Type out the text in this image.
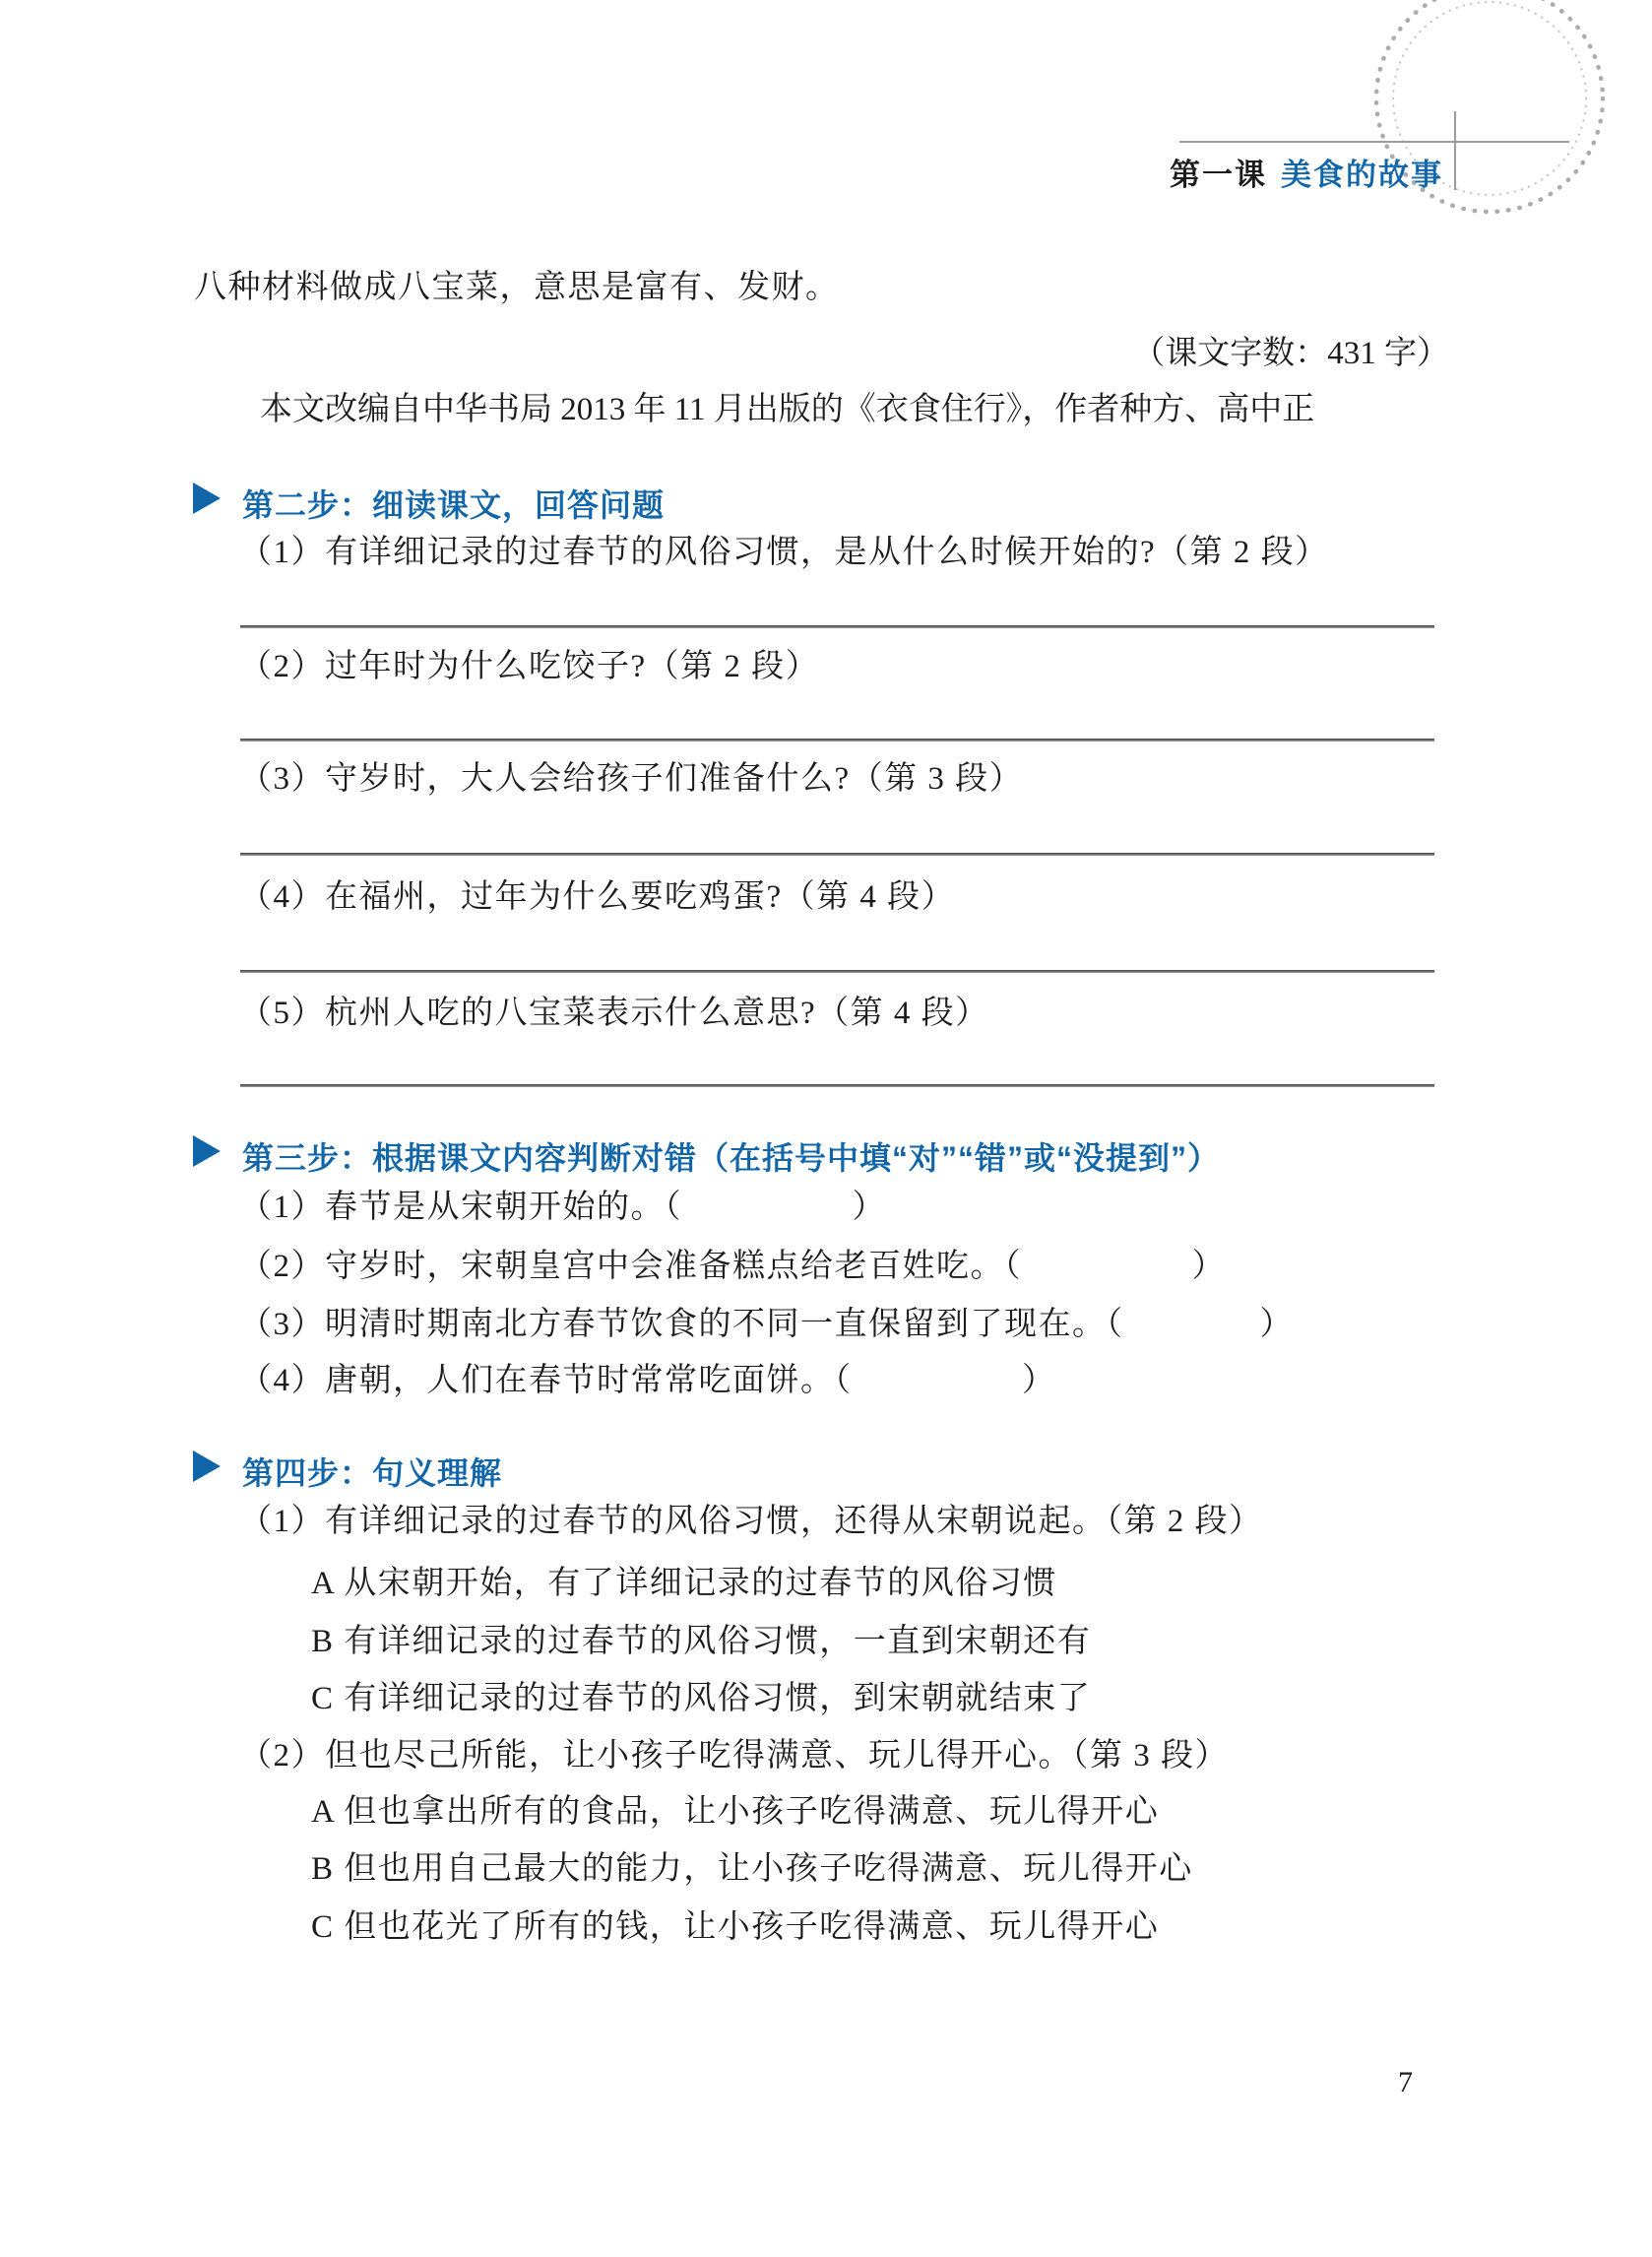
第一课 美食的故事
八种材料做成八宝菜，意思是富有、发财。
（课文字数：431 字）
本文改编自中华书局 2013 年 11 月出版的《衣食住行》，作者种方、高中正
第二步：细读课文，回答问题
（1）有详细记录的过春节的风俗习惯，是从什么时候开始的?（第 2 段）
（2）过年时为什么吃饺子?（第 2 段）
（3）守岁时，大人会给孩子们准备什么?（第 3 段）
（4）在福州，过年为什么要吃鸡蛋?（第 4 段）
（5）杭州人吃的八宝菜表示什么意思?（第 4 段）
第三步：根据课文内容判断对错（在括号中填“对”“错”或“没提到”）
（1）春节是从宋朝开始的。（　　　　　）
（2）守岁时，宋朝皇宫中会准备糕点给老百姓吃。（　　　　　）
（3）明清时期南北方春节饮食的不同一直保留到了现在。（　　　　）
（4）唐朝，人们在春节时常常吃面饼。（　　　　　）
第四步：句义理解
（1）有详细记录的过春节的风俗习惯，还得从宋朝说起。（第 2 段）
A 从宋朝开始，有了详细记录的过春节的风俗习惯
B 有详细记录的过春节的风俗习惯，一直到宋朝还有
C 有详细记录的过春节的风俗习惯，到宋朝就结束了
（2）但也尽己所能，让小孩子吃得满意、玩儿得开心。（第 3 段）
A 但也拿出所有的食品，让小孩子吃得满意、玩儿得开心
B 但也用自己最大的能力，让小孩子吃得满意、玩儿得开心
C 但也花光了所有的钱，让小孩子吃得满意、玩儿得开心
7
